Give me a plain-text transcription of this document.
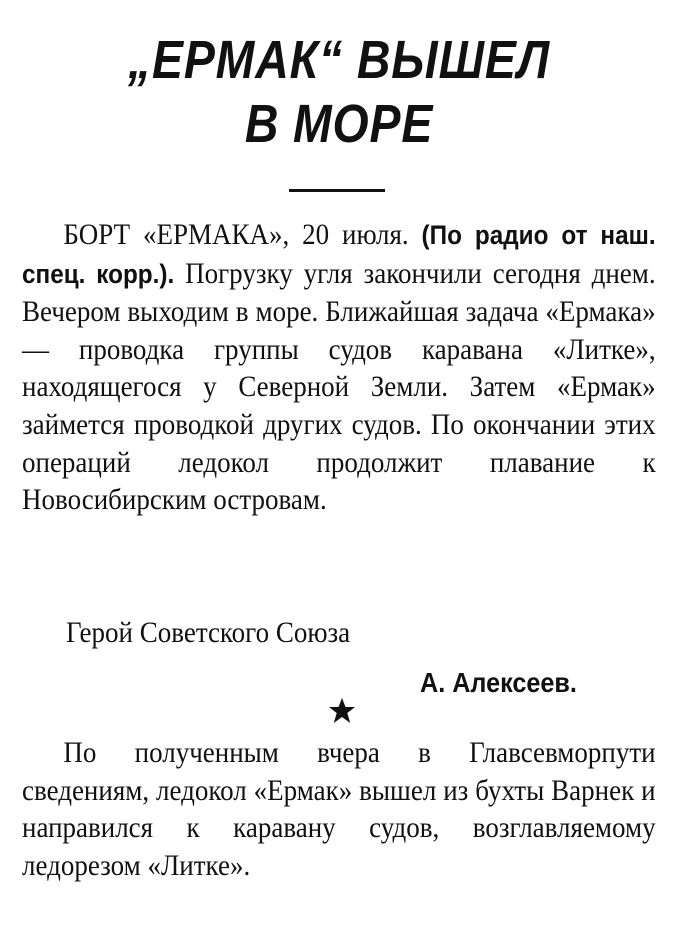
„ЕРМАК“ ВЫШЕЛ
В МОРЕ
БОРТ «ЕРМАКА», 20 июля. (По радио от наш. спец. корр.). Погрузку угля закончили сегодня днем. Вечером выходим в море. Ближайшая задача «Ермака» — проводка группы судов каравана «Литке», находящегося у Северной Земли. Затем «Ермак» займется проводкой других судов. По окончании этих операций ледокол продолжит плавание к Новосибирским островам.
Герой Советского Союза
А. Алексеев.
По полученным вчера в Главсевморпути сведениям, ледокол «Ермак» вышел из бухты Варнек и направился к каравану судов, возглавляемому ледорезом «Литке».
